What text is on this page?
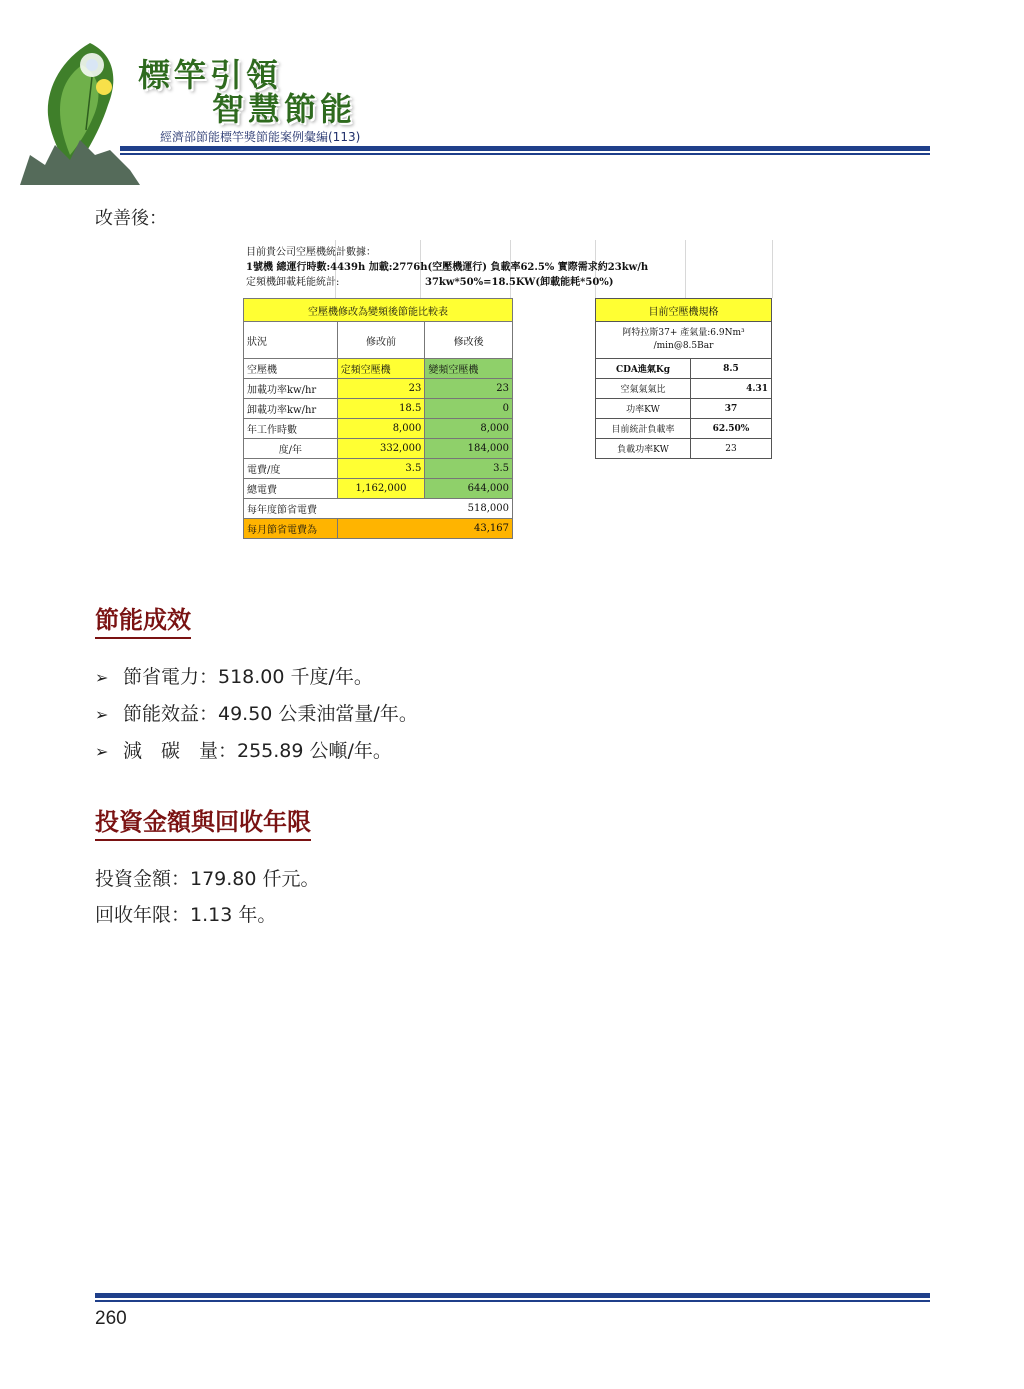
標竿引領
智慧節能
經濟部節能標竿獎節能案例彙編(113)
改善後：
目前貴公司空壓機統計數據：
1號機 總運行時數:4439h 加載:2776h(空壓機運行) 負載率62.5% 實際需求約23kw/h
定頻機卸載耗能統計:	37kw*50%=18.5KW(卸載能耗*50%)
空壓機修改為變頻後節能比較表		
狀況	修改前	修改後
空壓機	定頻空壓機	變頻空壓機
加載功率kw/hr	23	23
卸載功率kw/hr	18.5	0
年工作時數	8,000	8,000
度/年	332,000	184,000
電費/度	3.5	3.5
總電費	1,162,000	644,000
每年度節省電費		518,000
每月節省電費為	43,167	
目前空壓機規格	

阿特拉斯37+ 產氣量:6.9Nm³
/min@8.5Bar	

CDA進氣Kg	8.5
空氣氣氣比	4.31
功率KW	37
目前統計負載率	62.50%
負載功率KW	23
節能成效
➢ 節省電力：518.00 千度/年。
➢ 節能效益：49.50 公秉油當量/年。
➢ 減　碳　量：255.89 公噸/年。
投資金額與回收年限
投資金額：179.80 仟元。
回收年限：1.13 年。
260
